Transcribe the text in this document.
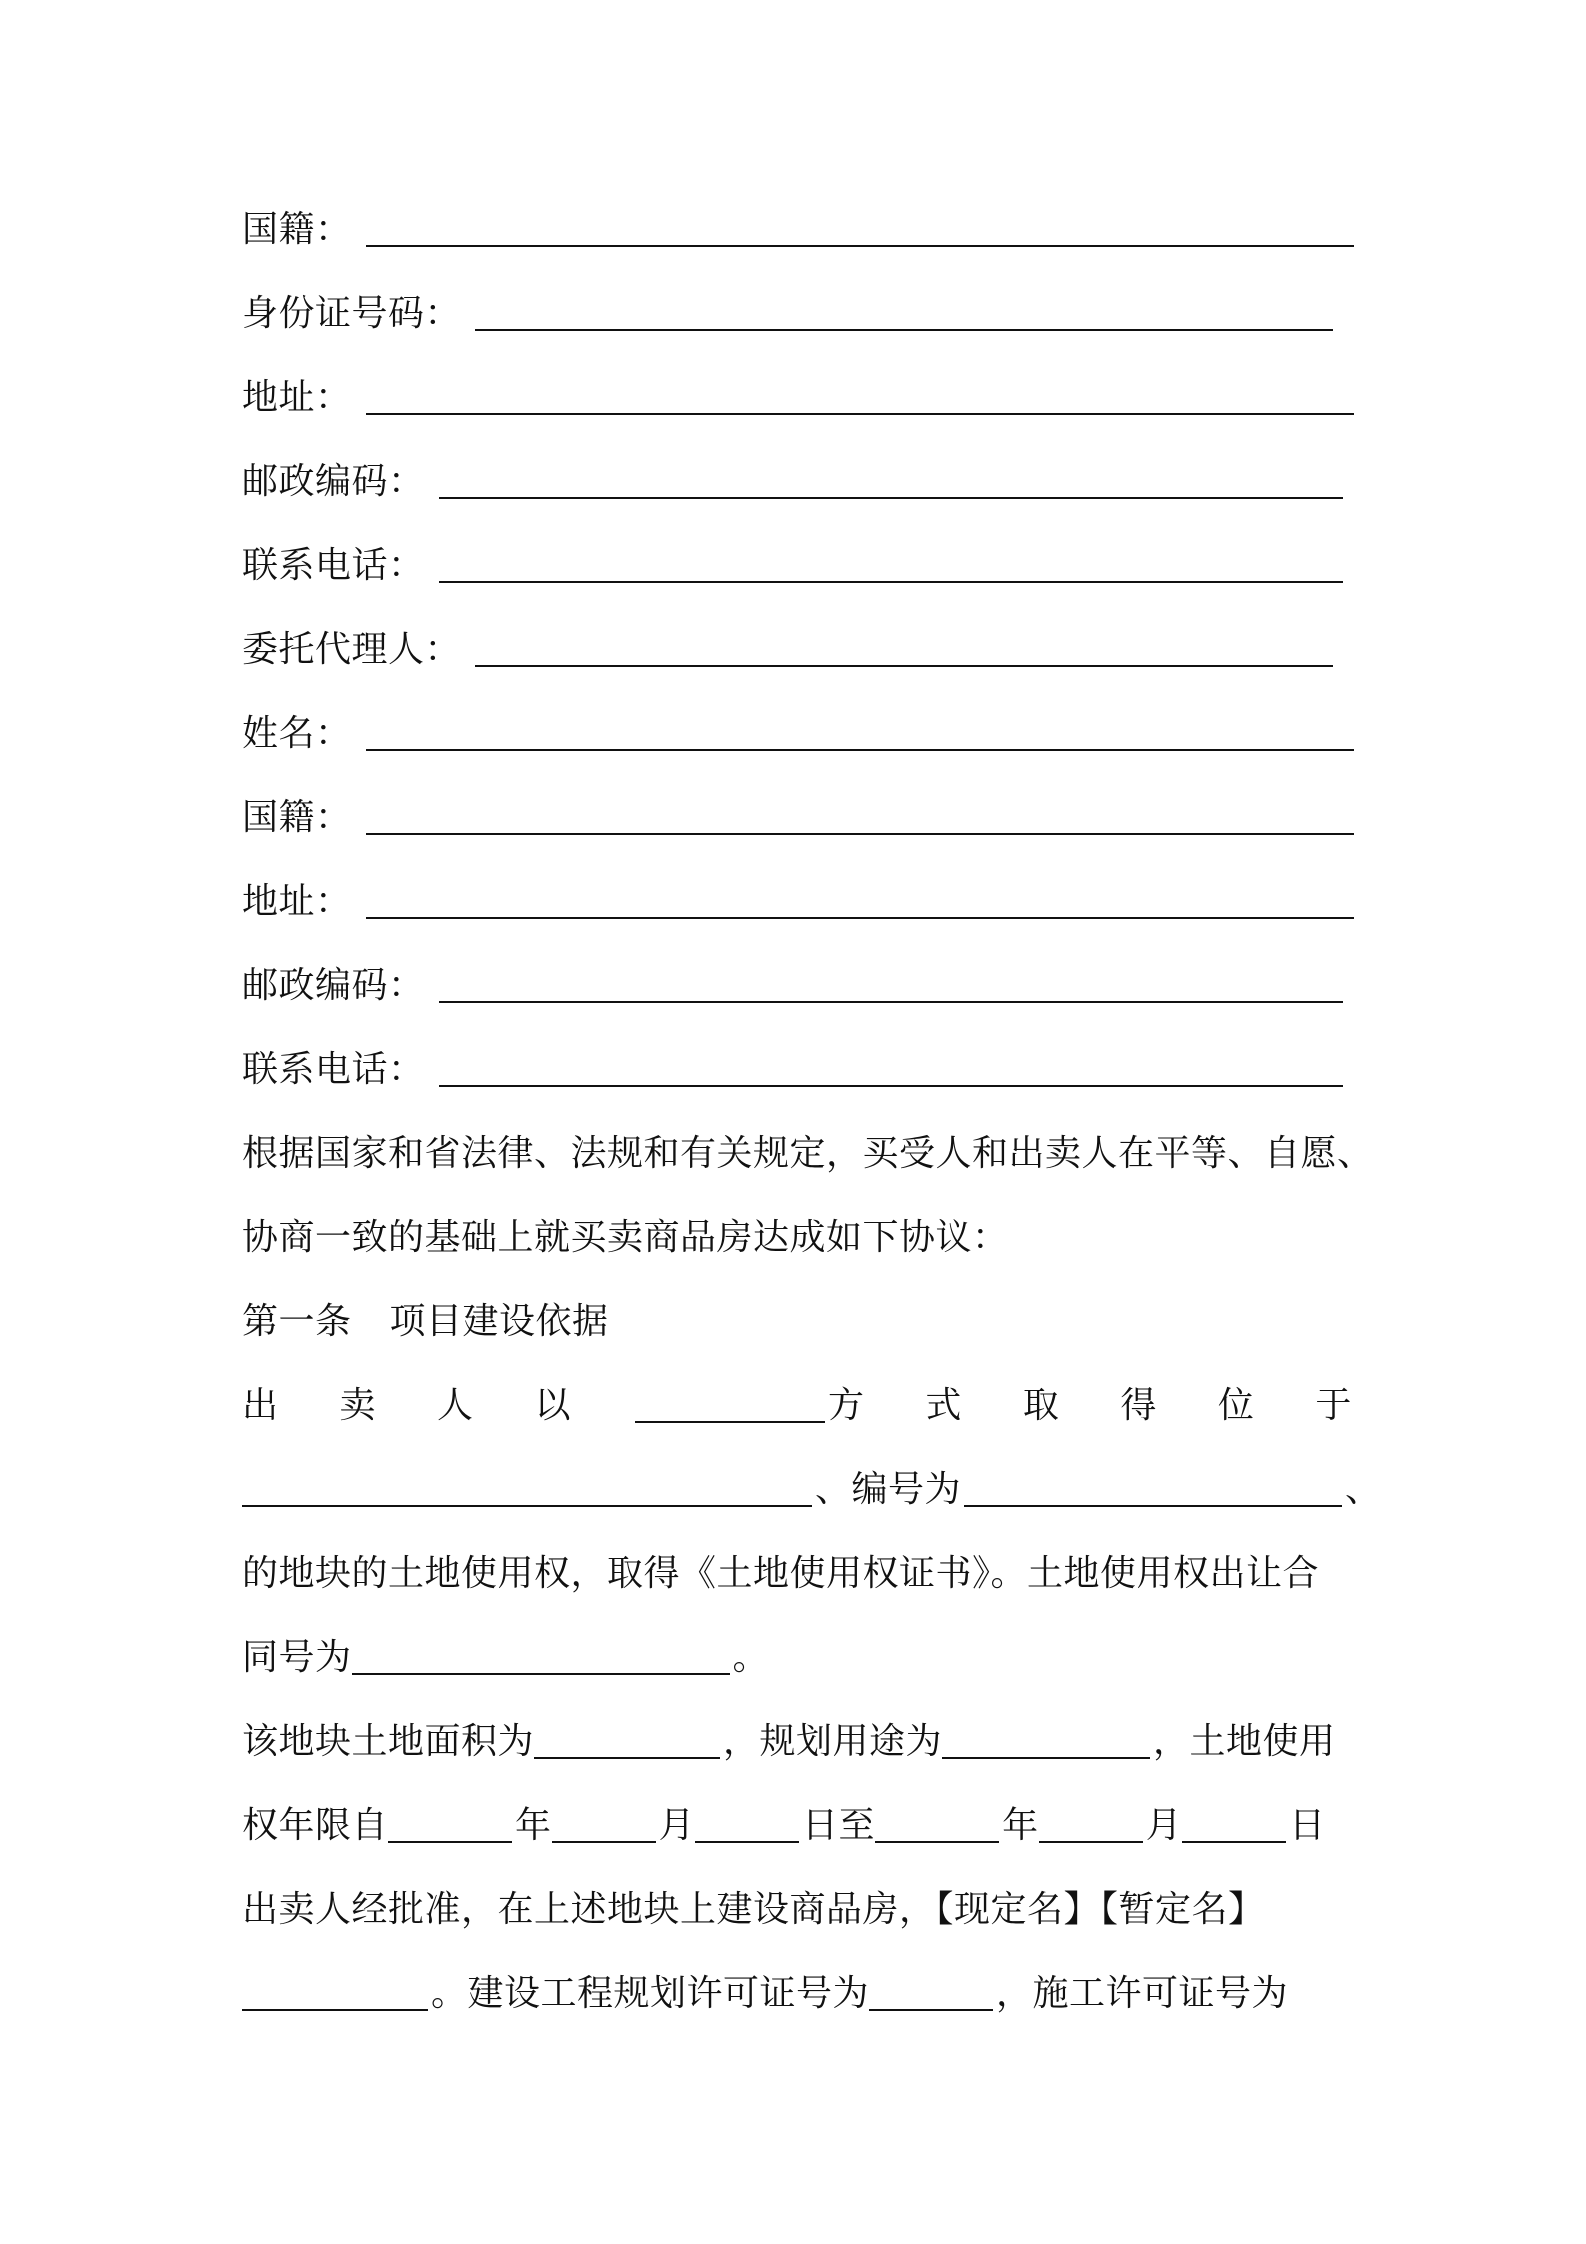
国籍：
身份证号码：
地址：
邮政编码：
联系电话：
委托代理人：
姓名：
国籍：
地址：
邮政编码：
联系电话：
根据国家和省法律、法规和有关规定，买受人和出卖人在平等、自愿、
协商一致的基础上就买卖商品房达成如下协议：
第一条 项目建设依据
出 卖 人 以	方 式 取 得 位 于
、编号为	、
的地块的土地使用权，取得《土地使用权证书》。土地使用权出让合
同号为	。
该地块土地面积为	，规划用途为	，土地使用
权年限自	年	月	日至	年	月	日
出卖人经批准，在上述地块上建设商品房，【现定名】【暂定名】
。建设工程规划许可证号为	，施工许可证号为
